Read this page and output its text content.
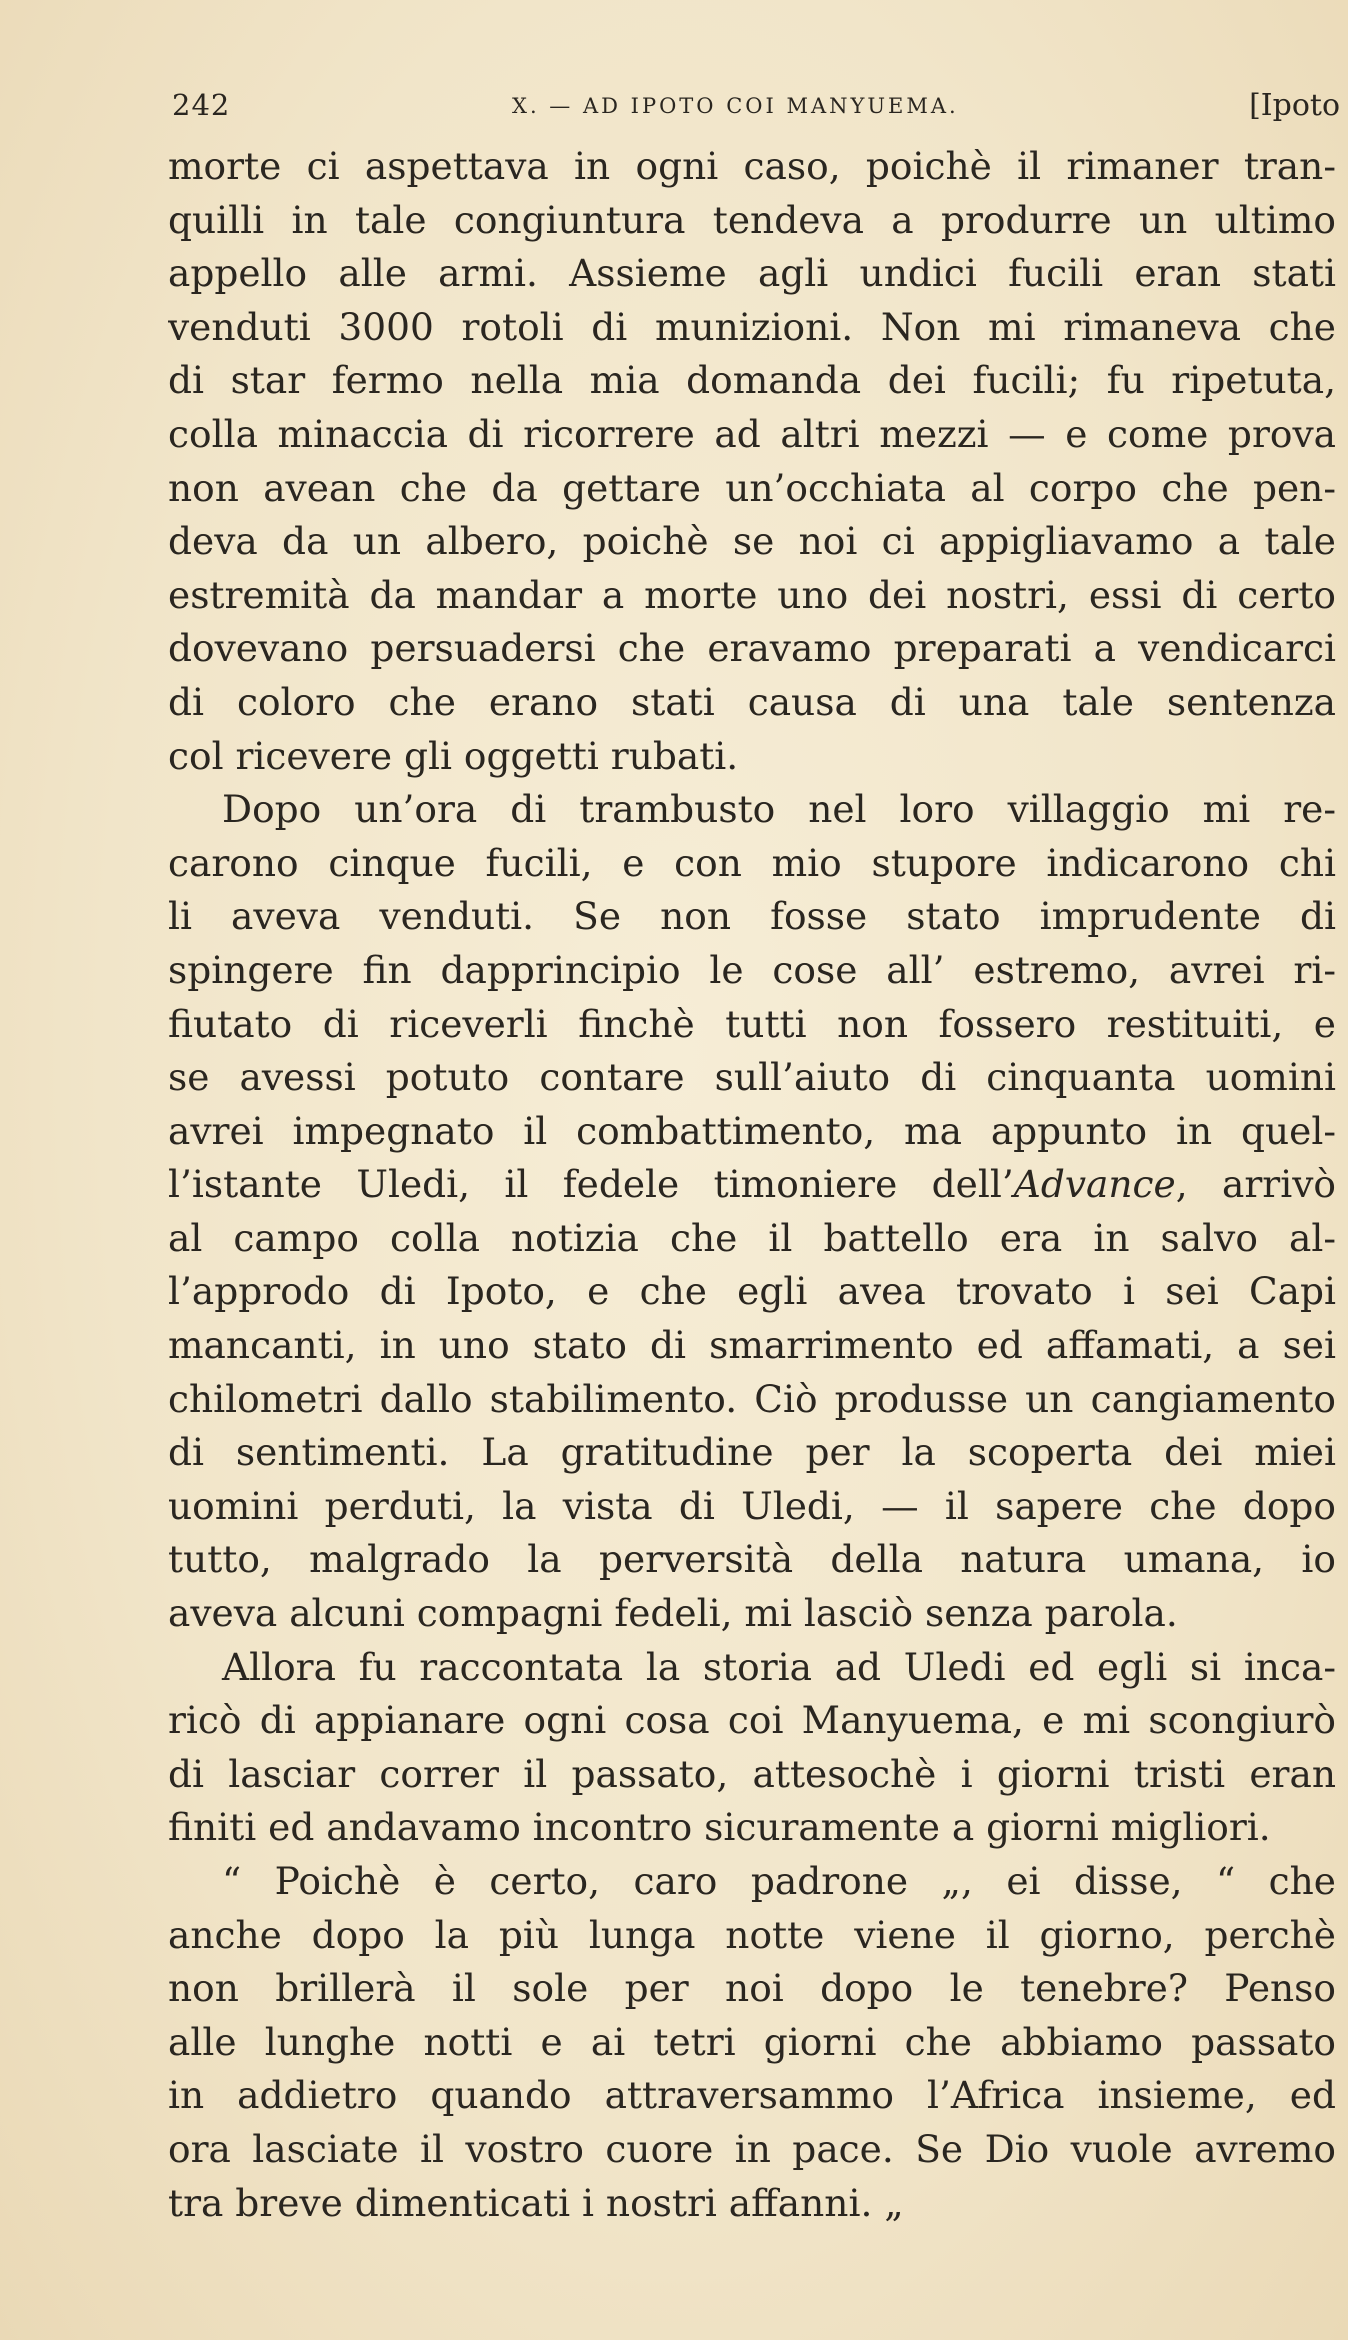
242	X. — AD IPOTO COI MANYUEMA.	[Ipoto
morte ci aspettava in ogni caso, poichè il rimaner tran-
quilli in tale congiuntura tendeva a produrre un ultimo
appello alle armi. Assieme agli undici fucili eran stati
venduti 3000 rotoli di munizioni. Non mi rimaneva che
di star fermo nella mia domanda dei fucili; fu ripetuta,
colla minaccia di ricorrere ad altri mezzi — e come prova
non avean che da gettare un’occhiata al corpo che pen-
deva da un albero, poichè se noi ci appigliavamo a tale
estremità da mandar a morte uno dei nostri, essi di certo
dovevano persuadersi che eravamo preparati a vendicarci
di coloro che erano stati causa di una tale sentenza
col ricevere gli oggetti rubati.
Dopo un’ora di trambusto nel loro villaggio mi re-
carono cinque fucili, e con mio stupore indicarono chi
li aveva venduti. Se non fosse stato imprudente di
spingere fin dapprincipio le cose all’ estremo, avrei ri-
fiutato di riceverli finchè tutti non fossero restituiti, e
se avessi potuto contare sull’aiuto di cinquanta uomini
avrei impegnato il combattimento, ma appunto in quel-
l’istante Uledi, il fedele timoniere dell’Advance, arrivò
al campo colla notizia che il battello era in salvo al-
l’approdo di Ipoto, e che egli avea trovato i sei Capi
mancanti, in uno stato di smarrimento ed affamati, a sei
chilometri dallo stabilimento. Ciò produsse un cangiamento
di sentimenti. La gratitudine per la scoperta dei miei
uomini perduti, la vista di Uledi, — il sapere che dopo
tutto, malgrado la perversità della natura umana, io
aveva alcuni compagni fedeli, mi lasciò senza parola.
Allora fu raccontata la storia ad Uledi ed egli si inca-
ricò di appianare ogni cosa coi Manyuema, e mi scongiurò
di lasciar correr il passato, attesochè i giorni tristi eran
finiti ed andavamo incontro sicuramente a giorni migliori.
“ Poichè è certo, caro padrone „, ei disse, “ che
anche dopo la più lunga notte viene il giorno, perchè
non brillerà il sole per noi dopo le tenebre? Penso
alle lunghe notti e ai tetri giorni che abbiamo passato
in addietro quando attraversammo l’Africa insieme, ed
ora lasciate il vostro cuore in pace. Se Dio vuole avremo
tra breve dimenticati i nostri affanni. „
